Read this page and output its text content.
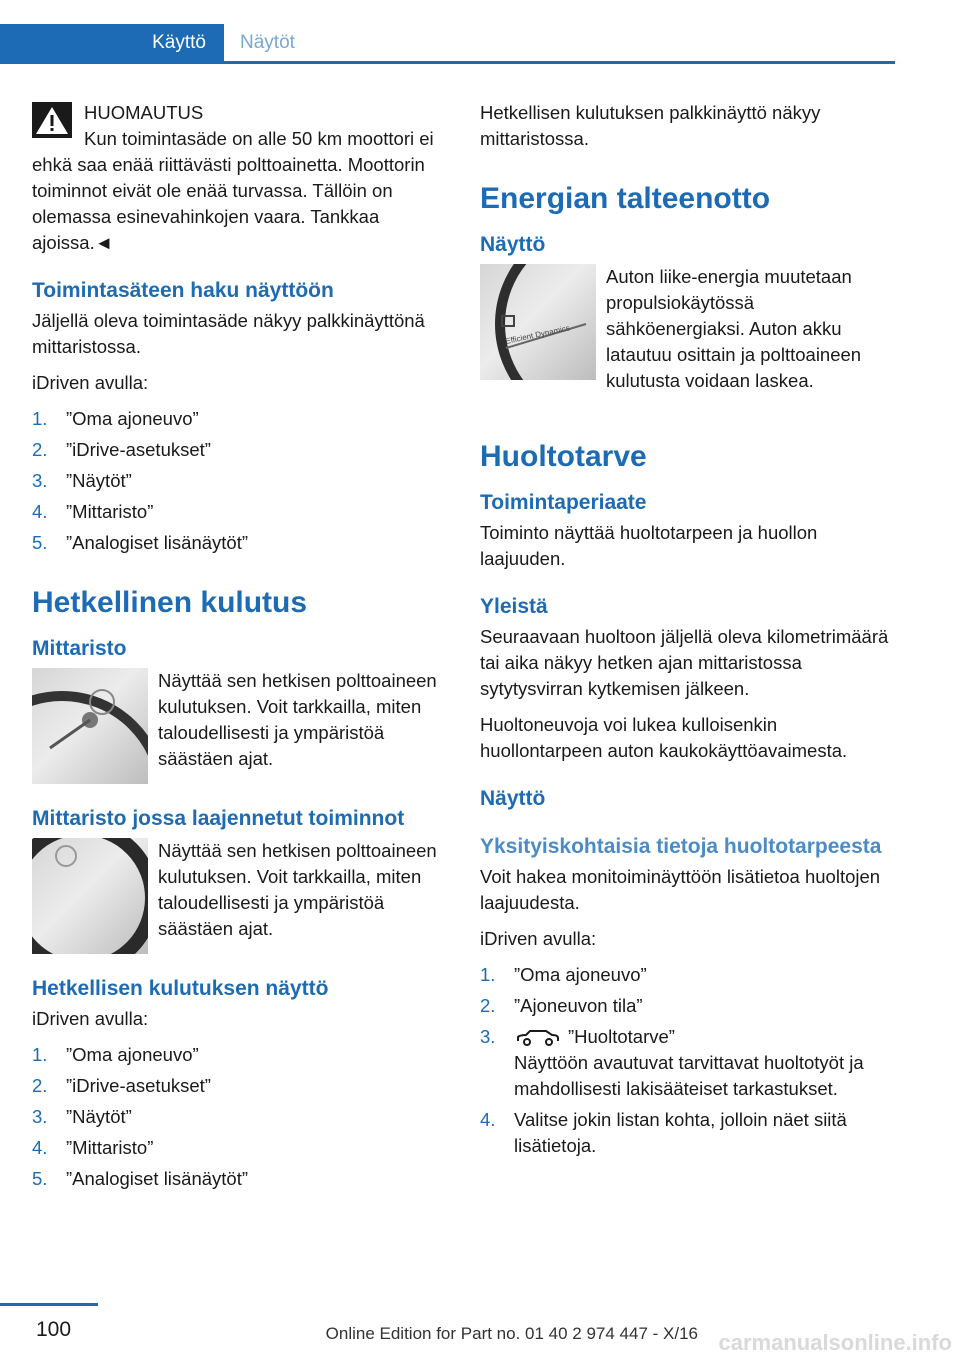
Käyttö Näytöt

HUOMAUTUS

Kun toimintasäde on alle 50 km moottori ei ehkä saa enää riittävästi polttoainetta. Moottorin toiminnot eivät ole enää turvassa. Tällöin on olemassa esinevahinkojen vaara. Tankkaa ajoissa.◄

Toimintasäteen haku näyttöön

Jäljellä oleva toimintasäde näkyy palkkinäyttönä mittaristossa.

iDriven avulla:

1. ”Oma ajoneuvo”
2. ”iDrive-asetukset”
3. ”Näytöt”
4. ”Mittaristo”
5. ”Analogiset lisänäytöt”
Hetkellinen kulutus
Mittaristo
Näyttää sen hetkisen polttoaineen kulutuksen. Voit tarkkailla, miten taloudellisesti ja ympäristöä säästäen ajat.
Mittaristo jossa laajennetut toiminnot
Näyttää sen hetkisen polttoaineen kulutuksen. Voit tarkkailla, miten taloudellisesti ja ympäristöä säästäen ajat.
Hetkellisen kulutuksen näyttö

iDriven avulla:

1. ”Oma ajoneuvo”
2. ”iDrive-asetukset”
3. ”Näytöt”
4. ”Mittaristo”
5. ”Analogiset lisänäytöt”

Hetkellisen kulutuksen palkkinäyttö näkyy mittaristossa.

Energian talteenotto
Näyttö
Efficient Dynamics
Auton liike-energia muutetaan propulsiokäytössä sähköenergiaksi. Auton akku latautuu osittain ja polttoaineen kulutusta voidaan laskea.
Huoltotarve
Toimintaperiaate

Toiminto näyttää huoltotarpeen ja huollon laajuuden.

Yleistä

Seuraavaan huoltoon jäljellä oleva kilometrimäärä tai aika näkyy hetken ajan mittaristossa sytytysvirran kytkemisen jälkeen.

Huoltoneuvoja voi lukea kulloisenkin huollontarpeen auton kaukokäyttöavaimesta.

Näyttö
Yksityiskohtaisia tietoja huoltotarpeesta

Voit hakea monitoiminäyttöön lisätietoa huoltojen laajuudesta.

iDriven avulla:

1. ”Oma ajoneuvo”
2. ”Ajoneuvon tila”
3.	”Huoltotarve”
Näyttöön avautuvat tarvittavat huoltotyöt ja mahdollisesti lakisääteiset tarkastukset.
4. Valitse jokin listan kohta, jolloin näet siitä lisätietoja.
100	Online Edition for Part no. 01 40 2 974 447 - X/16 carmanualsonline.info
